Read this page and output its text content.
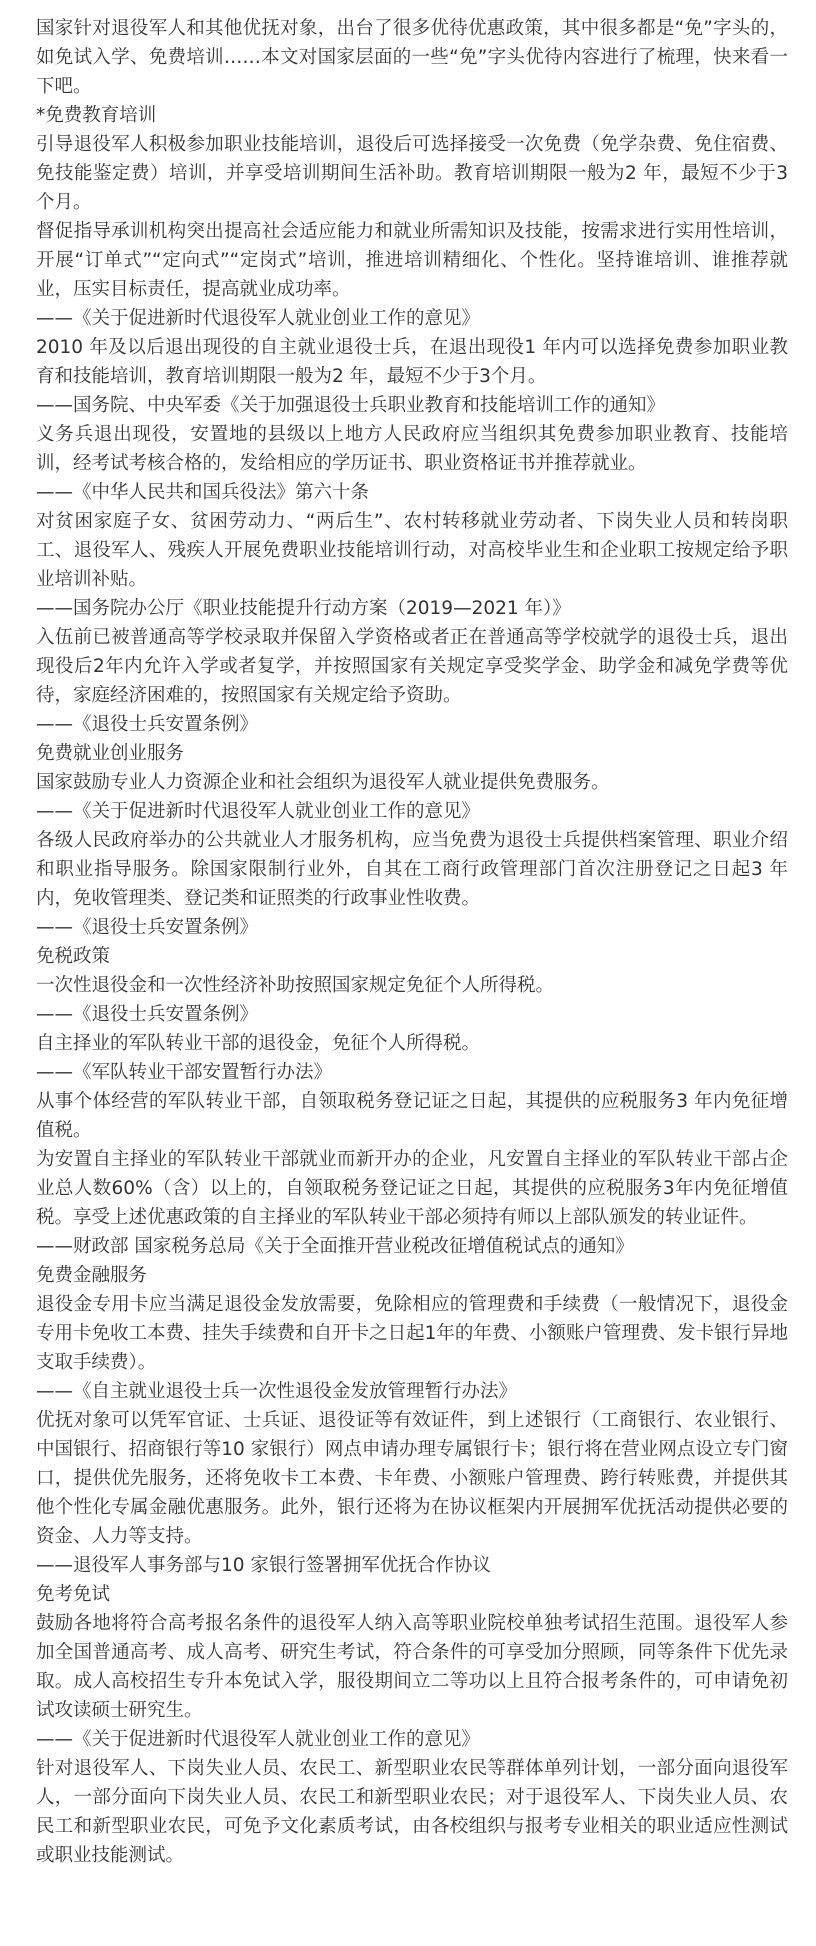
国家针对退役军人和其他优抚对象，出台了很多优待优惠政策，其中很多都是“免”字头的，如免试入学、免费培训……本文对国家层面的一些“免”字头优待内容进行了梳理，快来看一下吧。

*免费教育培训

引导退役军人积极参加职业技能培训，退役后可选择接受一次免费（免学杂费、免住宿费、免技能鉴定费）培训，并享受培训期间生活补助。教育培训期限一般为2 年，最短不少于3 个月。

督促指导承训机构突出提高社会适应能力和就业所需知识及技能，按需求进行实用性培训，开展“订单式”“定向式”“定岗式”培训，推进培训精细化、个性化。坚持谁培训、谁推荐就业，压实目标责任，提高就业成功率。

——《关于促进新时代退役军人就业创业工作的意见》

2010 年及以后退出现役的自主就业退役士兵，在退出现役1 年内可以选择免费参加职业教育和技能培训，教育培训期限一般为2 年，最短不少于3个月。

——国务院、中央军委《关于加强退役士兵职业教育和技能培训工作的通知》

义务兵退出现役，安置地的县级以上地方人民政府应当组织其免费参加职业教育、技能培训，经考试考核合格的，发给相应的学历证书、职业资格证书并推荐就业。

——《中华人民共和国兵役法》第六十条

对贫困家庭子女、贫困劳动力、“两后生”、农村转移就业劳动者、下岗失业人员和转岗职工、退役军人、残疾人开展免费职业技能培训行动，对高校毕业生和企业职工按规定给予职业培训补贴。

——国务院办公厅《职业技能提升行动方案（2019—2021 年）》

入伍前已被普通高等学校录取并保留入学资格或者正在普通高等学校就学的退役士兵，退出现役后2年内允许入学或者复学，并按照国家有关规定享受奖学金、助学金和减免学费等优待，家庭经济困难的，按照国家有关规定给予资助。

——《退役士兵安置条例》

免费就业创业服务

国家鼓励专业人力资源企业和社会组织为退役军人就业提供免费服务。

——《关于促进新时代退役军人就业创业工作的意见》

各级人民政府举办的公共就业人才服务机构，应当免费为退役士兵提供档案管理、职业介绍和职业指导服务。除国家限制行业外，自其在工商行政管理部门首次注册登记之日起3 年内，免收管理类、登记类和证照类的行政事业性收费。

——《退役士兵安置条例》

免税政策

一次性退役金和一次性经济补助按照国家规定免征个人所得税。

——《退役士兵安置条例》

自主择业的军队转业干部的退役金，免征个人所得税。

——《军队转业干部安置暂行办法》

从事个体经营的军队转业干部，自领取税务登记证之日起，其提供的应税服务3 年内免征增值税。

为安置自主择业的军队转业干部就业而新开办的企业，凡安置自主择业的军队转业干部占企业总人数60%（含）以上的，自领取税务登记证之日起，其提供的应税服务3年内免征增值税。享受上述优惠政策的自主择业的军队转业干部必须持有师以上部队颁发的转业证件。

——财政部 国家税务总局《关于全面推开营业税改征增值税试点的通知》

免费金融服务

退役金专用卡应当满足退役金发放需要，免除相应的管理费和手续费（一般情况下，退役金专用卡免收工本费、挂失手续费和自开卡之日起1年的年费、小额账户管理费、发卡银行异地支取手续费）。

——《自主就业退役士兵一次性退役金发放管理暂行办法》

优抚对象可以凭军官证、士兵证、退役证等有效证件，到上述银行（工商银行、农业银行、中国银行、招商银行等10 家银行）网点申请办理专属银行卡；银行将在营业网点设立专门窗口，提供优先服务，还将免收卡工本费、卡年费、小额账户管理费、跨行转账费，并提供其他个性化专属金融优惠服务。此外，银行还将为在协议框架内开展拥军优抚活动提供必要的资金、人力等支持。

——退役军人事务部与10 家银行签署拥军优抚合作协议

免考免试

鼓励各地将符合高考报名条件的退役军人纳入高等职业院校单独考试招生范围。退役军人参加全国普通高考、成人高考、研究生考试，符合条件的可享受加分照顾，同等条件下优先录取。成人高校招生专升本免试入学，服役期间立二等功以上且符合报考条件的，可申请免初试攻读硕士研究生。

——《关于促进新时代退役军人就业创业工作的意见》

针对退役军人、下岗失业人员、农民工、新型职业农民等群体单列计划，一部分面向退役军人，一部分面向下岗失业人员、农民工和新型职业农民；对于退役军人、下岗失业人员、农民工和新型职业农民，可免予文化素质考试，由各校组织与报考专业相关的职业适应性测试或职业技能测试。
